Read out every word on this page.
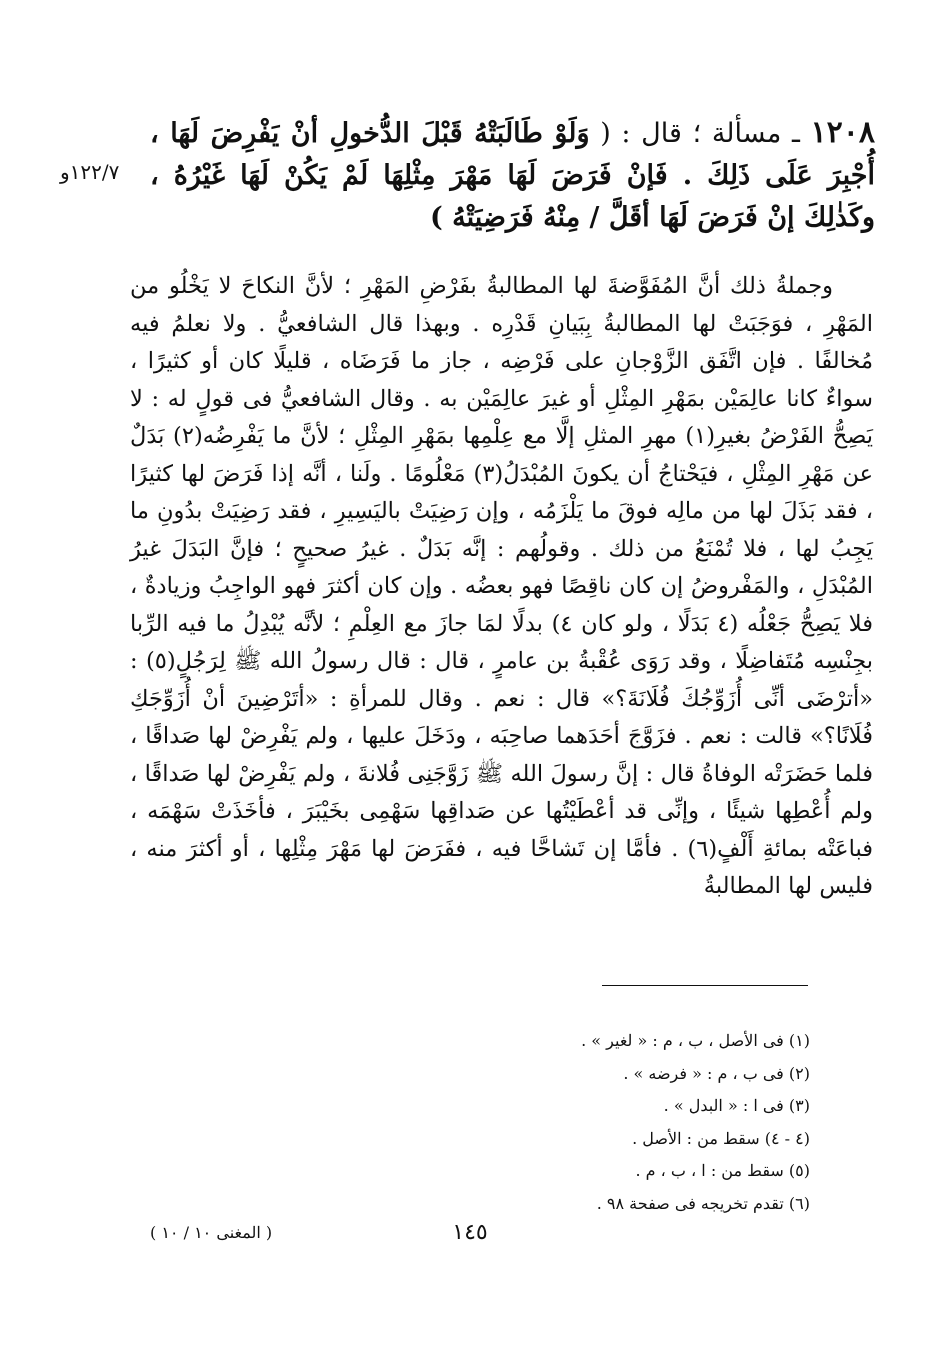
١٢٠٨ ـ مسألة ؛ قال : ( وَلَوْ طَالَبَتْهُ قَبْلَ الدُّخولِ أنْ يَفْرِضَ لَهَا ، أُجْبِرَ عَلَى ذَلِكَ . فَإنْ فَرَضَ لَهَا مَهْرَ مِثْلِهَا لَمْ يَكُنْ لَهَا غَيْرُهُ ، وكَذٰلِكَ إنْ فَرَضَ لَهَا أقَلَّ / مِنْهُ فَرَضِيَتْهُ )
١٢٢/٧و

وجملةُ ذلك أنَّ المُفَوَّضةَ لها المطالبةُ بفَرْضِ المَهْرِ ؛ لأنَّ النكاحَ لا يَخْلُو من المَهْرِ ، فوَجَبَتْ لها المطالبةُ بِبَيانِ قَدْرِه . وبهذا قال الشافعيُّ . ولا نعلمُ فيه مُخالفًا . فإن اتَّفَق الزَّوْجانِ على فَرْضِه ، جاز ما فَرَضَاه ، قليلًا كان أو كثيرًا ، سواءٌ كانا عالِمَيْن بمَهْرِ المِثْلِ أو غيرَ عالِمَيْن به . وقال الشافعيُّ فى قولٍ له : لا يَصِحُّ الفَرْضُ بغيرِ(١) مهرِ المثلِ إلَّا مع عِلْمِها بمَهْرِ المِثْلِ ؛ لأنَّ ما يَفْرِضُه(٢) بَدَلٌ عن مَهْرِ المِثْلِ ، فيَحْتاجُ أن يكونَ المُبْدَلُ(٣) مَعْلُومًا . ولَنا ، أنَّه إذا فَرَضَ لها كثيرًا ، فقد بَذَلَ لها من مالِه فوقَ ما يَلْزَمُه ، وإن رَضِيَتْ باليَسِيرِ ، فقد رَضِيَتْ بدُونِ ما يَجِبُ لها ، فلا تُمْنَعُ من ذلك . وقولُهم : إنَّه بَدَلٌ . غيرُ صحيحٍ ؛ فإنَّ البَدَلَ غيرُ المُبْدَلِ ، والمَفْروضُ إن كان ناقِصًا فهو بعضُه . وإن كان أكثرَ فهو الواجِبُ وزيادةٌ ، فلا يَصِحُّ جَعْلُه (٤ بَدَلًا ، ولو كان ٤) بدلًا لمَا جازَ مع العِلْمِ ؛ لأنَّه يُبْدِلُ ما فيه الرِّبا بجِنْسِه مُتَفاضِلًا ، وقد رَوَى عُقْبةُ بن عامرٍ ، قال : قال رسولُ الله ﷺ لِرَجُلٍ(٥) : «أترْضَى أنِّى أُزَوِّجُكَ فُلَانَةَ؟» قال : نعم . وقال للمرأةِ : «أتَرْضِينَ أنْ أُزَوِّجَكِ فُلَانًا؟» قالت : نعم . فزَوَّجَ أحَدَهما صاحِبَه ، ودَخَلَ عليها ، ولم يَفْرِضْ لها صَداقًا ، فلما حَضَرَتْه الوفاةُ قال : إنَّ رسولَ الله ﷺ زَوَّجَنِى فُلانةَ ، ولم يَفْرِضْ لها صَداقًا ، ولم أُعْطِها شيئًا ، وإنِّى قد أعْطَيْتُها عن صَداقِها سَهْمِى بخَيْبَرَ ، فأخَذَتْ سَهْمَه ، فباعَتْه بمائةِ أَلْفٍ(٦) . فأمَّا إن تَشاحَّا فيه ، ففَرَضَ لها مَهْرَ مِثْلِها ، أو أكثرَ منه ، فليس لها المطالبةُ

(١) فى الأصل ، ب ، م : « لغير » .
(٢) فى ب ، م : « فرضه » .
(٣) فى ا : « البدل » .
(٤ - ٤) سقط من : الأصل .
(٥) سقط من : ا ، ب ، م .
(٦) تقدم تخريجه فى صفحة ٩٨ .
١٤٥
( المغنى ١٠ / ١٠ )
